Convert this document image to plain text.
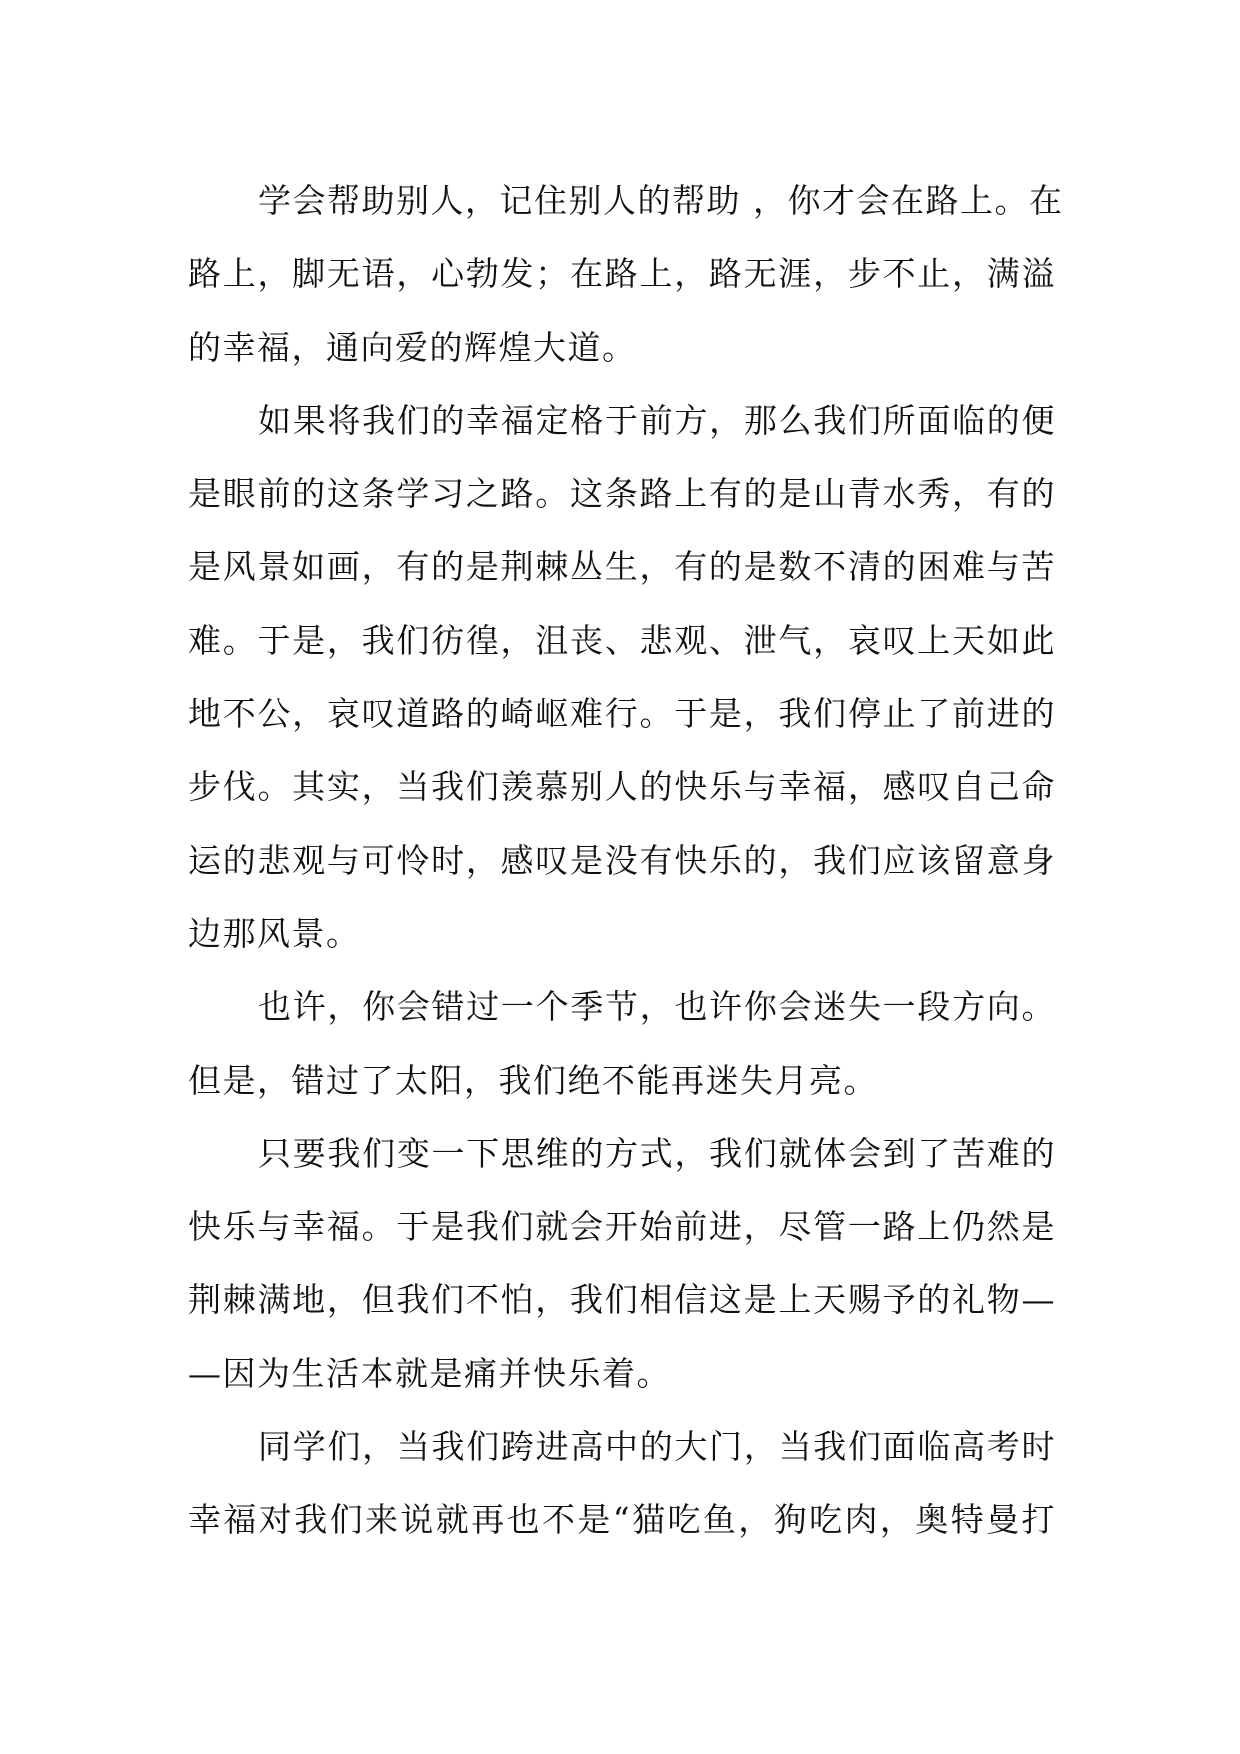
学会帮助别人，记住别人的帮助 ，你才会在路上。在
路上，脚无语，心勃发；在路上，路无涯，步不止，满溢
的幸福，通向爱的辉煌大道。
如果将我们的幸福定格于前方，那么我们所面临的便
是眼前的这条学习之路。这条路上有的是山青水秀，有的
是风景如画，有的是荆棘丛生，有的是数不清的困难与苦
难。于是，我们彷徨，沮丧、悲观、泄气，哀叹上天如此
地不公，哀叹道路的崎岖难行。于是，我们停止了前进的
步伐。其实，当我们羡慕别人的快乐与幸福，感叹自己命
运的悲观与可怜时，感叹是没有快乐的，我们应该留意身
边那风景。
也许，你会错过一个季节，也许你会迷失一段方向。
但是，错过了太阳，我们绝不能再迷失月亮。
只要我们变一下思维的方式，我们就体会到了苦难的
快乐与幸福。于是我们就会开始前进，尽管一路上仍然是
荆棘满地，但我们不怕，我们相信这是上天赐予的礼物—
—因为生活本就是痛并快乐着。
同学们，当我们跨进高中的大门，当我们面临高考时
幸福对我们来说就再也不是“猫吃鱼，狗吃肉，奥特曼打
